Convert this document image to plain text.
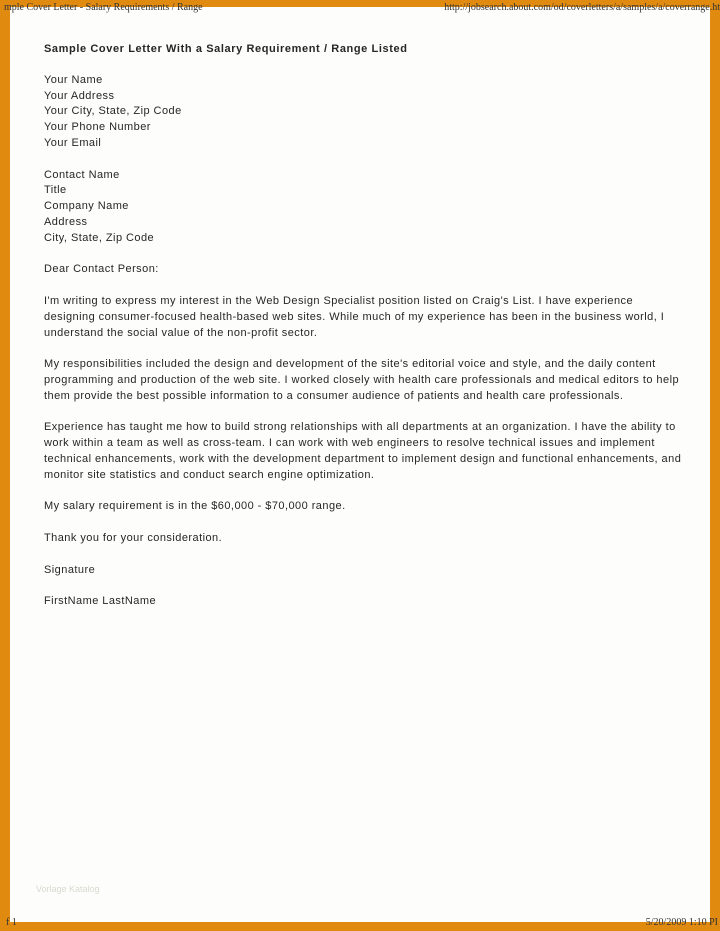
mple Cover Letter - Salary Requirements / Range	http://jobsearch.about.com/od/coverletters/a/samples/a/coverrange.ht
Sample Cover Letter With a Salary Requirement / Range Listed
Your Name
Your Address
Your City, State, Zip Code
Your Phone Number
Your Email
Contact Name
Title
Company Name
Address
City, State, Zip Code

Dear Contact Person:

I'm writing to express my interest in the Web Design Specialist position listed on Craig's List. I have experience designing consumer-focused health-based web sites. While much of my experience has been in the business world, I understand the social value of the non-profit sector.

My responsibilities included the design and development of the site's editorial voice and style, and the daily content programming and production of the web site. I worked closely with health care professionals and medical editors to help them provide the best possible information to a consumer audience of patients and health care professionals.

Experience has taught me how to build strong relationships with all departments at an organization. I have the ability to work within a team as well as cross-team. I can work with web engineers to resolve technical issues and implement technical enhancements, work with the development department to implement design and functional enhancements, and monitor site statistics and conduct search engine optimization.

My salary requirement is in the $60,000 - $70,000 range.

Thank you for your consideration.

Signature

FirstName LastName

Vorlage Katalog
f 1	5/20/2009 1:10 PI
